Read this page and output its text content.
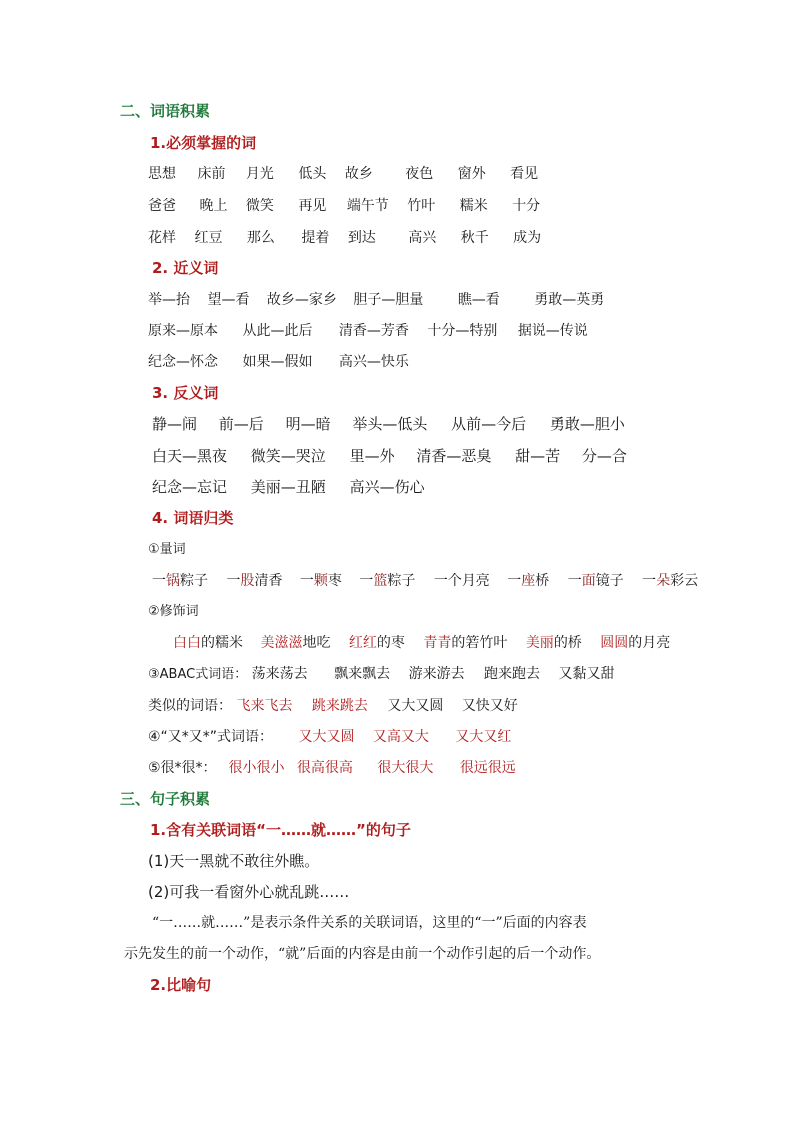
二、词语积累
1.必须掌握的词
思想 床前 月光 低头 故乡 夜色 窗外 看见
爸爸 晚上 微笑 再见 端午节 竹叶 糯米 十分
花样 红豆 那么 提着 到达 高兴 秋千 成为
2. 近义词
举—抬 望—看 故乡—家乡 胆子—胆量 瞧—看 勇敢—英勇
原来—原本 从此—此后 清香—芳香 十分—特别 据说—传说
纪念—怀念 如果—假如 高兴—快乐
3. 反义词
静—闹 前—后 明—暗 举头—低头 从前—今后 勇敢—胆小
白天—黑夜 微笑—哭泣 里—外 清香—恶臭 甜—苦 分—合
纪念—忘记 美丽—丑陋 高兴—伤心
4. 词语归类
①量词
一锅粽子 一股清香 一颗枣 一篮粽子 一个月亮 一座桥 一面镜子 一朵彩云
②修饰词
白白的糯米 美滋滋地吃 红红的枣 青青的箬竹叶 美丽的桥 圆圆的月亮
③ABAC式词语： 荡来荡去 飘来飘去 游来游去 跑来跑去 又黏又甜
类似的词语： 飞来飞去 跳来跳去 又大又圆 又快又好
④“又*又*”式词语： 又大又圆 又高又大 又大又红
⑤很*很*： 很小很小 很高很高 很大很大 很远很远
三、句子积累
1.含有关联词语“一……就……”的句子
(1)天一黑就不敢往外瞧。
(2)可我一看窗外心就乱跳……
“一……就……”是表示条件关系的关联词语，这里的“一”后面的内容表
示先发生的前一个动作，“就”后面的内容是由前一个动作引起的后一个动作。
2.比喻句
